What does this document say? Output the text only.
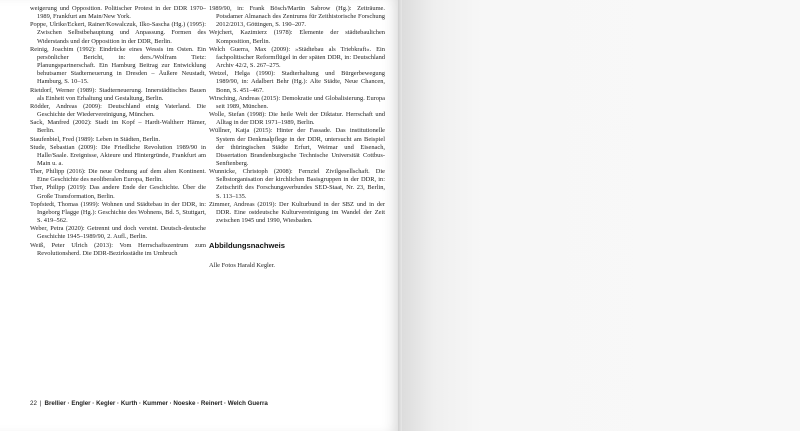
weigerung und Opposition. Politischer Protest in der DDR 1970–1989, Frankfurt am Main/New York.

Poppe, Ulrike/Eckert, Rainer/Kowalczuk, Ilko-Sascha (Hg.) (1995): Zwischen Selbstbehauptung und Anpassung. Formen des Widerstands und der Opposition in der DDR, Berlin.

Reinig, Joachim (1992): Eindrücke eines Wessis im Osten. Ein persönlicher Bericht, in: ders./Wolfram Tietz: Planungspartnerschaft. Ein Hamburg Beitrag zur Entwicklung behutsamer Stadterneuerung in Dresden – Äußere Neustadt, Hamburg, S. 10–15.

Rietdorf, Werner (1989): Stadterneuerung. Innerstädtisches Bauen als Einheit von Erhaltung und Gestaltung, Berlin.

Rödder, Andreas (2009): Deutschland einig Vaterland. Die Geschichte der Wiedervereinigung, München.

Sack, Manfred (2002): Stadt im Kopf – Hardt-Waltherr Hämer, Berlin.

Staufenbiel, Fred (1989): Leben in Städten, Berlin.

Stude, Sebastian (2009): Die Friedliche Revolution 1989/90 in Halle/Saale. Ereignisse, Akteure und Hintergründe, Frankfurt am Main u. a.

Ther, Philipp (2016): Die neue Ordnung auf dem alten Kontinent. Eine Geschichte des neoliberalen Europa, Berlin.

Ther, Philipp (2019): Das andere Ende der Geschichte. Über die Große Transformation, Berlin.

Topfstedt, Thomas (1999): Wohnen und Städtebau in der DDR, in: Ingeborg Flagge (Hg.): Geschichte des Wohnens, Bd. 5, Stuttgart, S. 419–562.

Weber, Petra (2020): Getrennt und doch vereint. Deutsch-deutsche Geschichte 1945–1989/90, 2. Aufl., Berlin.

Weiß, Peter Ulrich (2013): Vom Herrschaftszentrum zum Revolutionsherd. Die DDR-Bezirksstädte im Umbruch

1989/90, in: Frank Bösch/Martin Sabrow (Hg.): Zeiträume. Potsdamer Almanach des Zentrums für Zeithistorische Forschung 2012/2013, Göttingen, S. 190–207.

Wejchert, Kazimierz (1978): Elemente der städtebaulichen Komposition, Berlin.

Welch Guerra, Max (2009): »Städtebau als Triebkraft«. Ein fachpolitischer Reformflügel in der späten DDR, in: Deutschland Archiv 42/2, S. 267–275.

Wetzel, Helga (1990): Stadterhaltung und Bürgerbewegung 1989/90, in: Adalbert Behr (Hg.): Alte Städte, Neue Chancen, Bonn, S. 451–467.

Wirsching, Andreas (2015): Demokratie und Globalisierung. Europa seit 1989, München.

Wolle, Stefan (1998): Die heile Welt der Diktatur. Herrschaft und Alltag in der DDR 1971–1989, Berlin.

Wüllner, Katja (2015): Hinter der Fassade. Das institutionelle System der Denkmalpflege in der DDR, untersucht am Beispiel der thüringischen Städte Erfurt, Weimar und Eisenach, Dissertation Brandenburgische Technische Universität Cottbus-Senftenberg.

Wunnicke, Christoph (2008): Fernziel Zivilgesellschaft. Die Selbstorganisation der kirchlichen Basisgruppen in der DDR, in: Zeitschrift des Forschungsverbundes SED-Staat, Nr. 23, Berlin, S. 113–135.

Zimmer, Andreas (2019): Der Kulturbund in der SBZ und in der DDR. Eine ostdeutsche Kulturvereinigung im Wandel der Zeit zwischen 1945 und 1990, Wiesbaden.

Abbildungsnachweis

Alle Fotos Harald Kegler.

22 | Brellier · Engler · Kegler · Kurth · Kummer · Noeske · Reinert · Welch Guerra
